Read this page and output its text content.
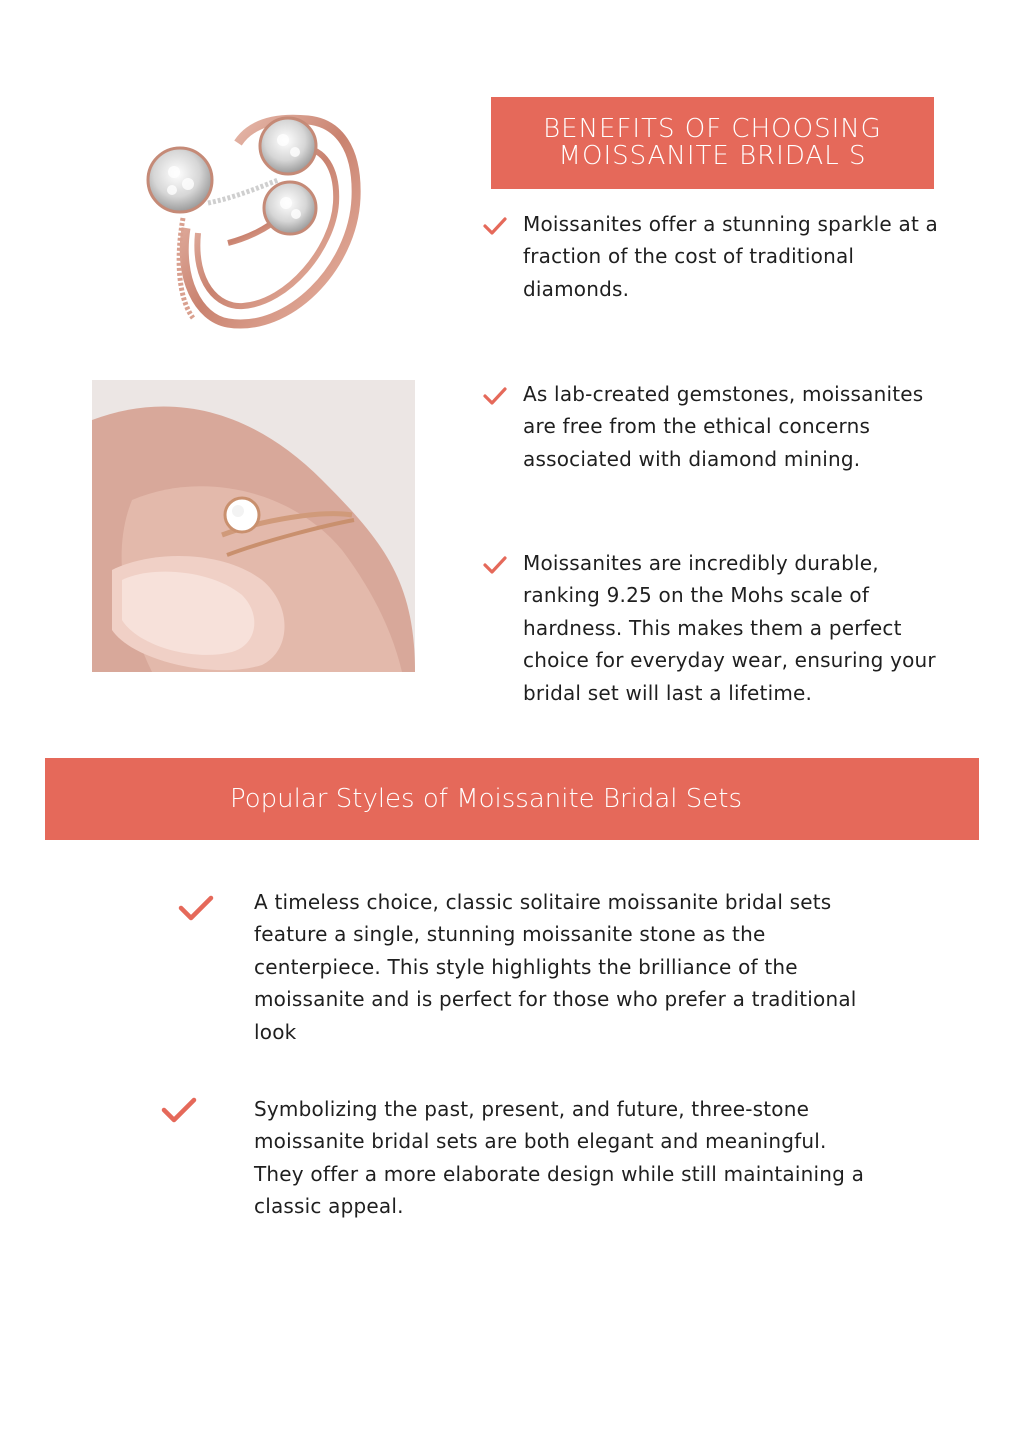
BENEFITS OF CHOOSING
MOISSANITE BRIDAL S
Moissanites offer a stunning sparkle at a
fraction of the cost of traditional
diamonds.
As lab-created gemstones, moissanites
are free from the ethical concerns
associated with diamond mining.
Moissanites are incredibly durable,
ranking 9.25 on the Mohs scale of
hardness. This makes them a perfect
choice for everyday wear, ensuring your
bridal set will last a lifetime.
Popular Styles of Moissanite Bridal Sets
A timeless choice, classic solitaire moissanite bridal sets
feature a single, stunning moissanite stone as the
centerpiece. This style highlights the brilliance of the
moissanite and is perfect for those who prefer a traditional
look
Symbolizing the past, present, and future, three-stone
moissanite bridal sets are both elegant and meaningful.
They offer a more elaborate design while still maintaining a
classic appeal.
